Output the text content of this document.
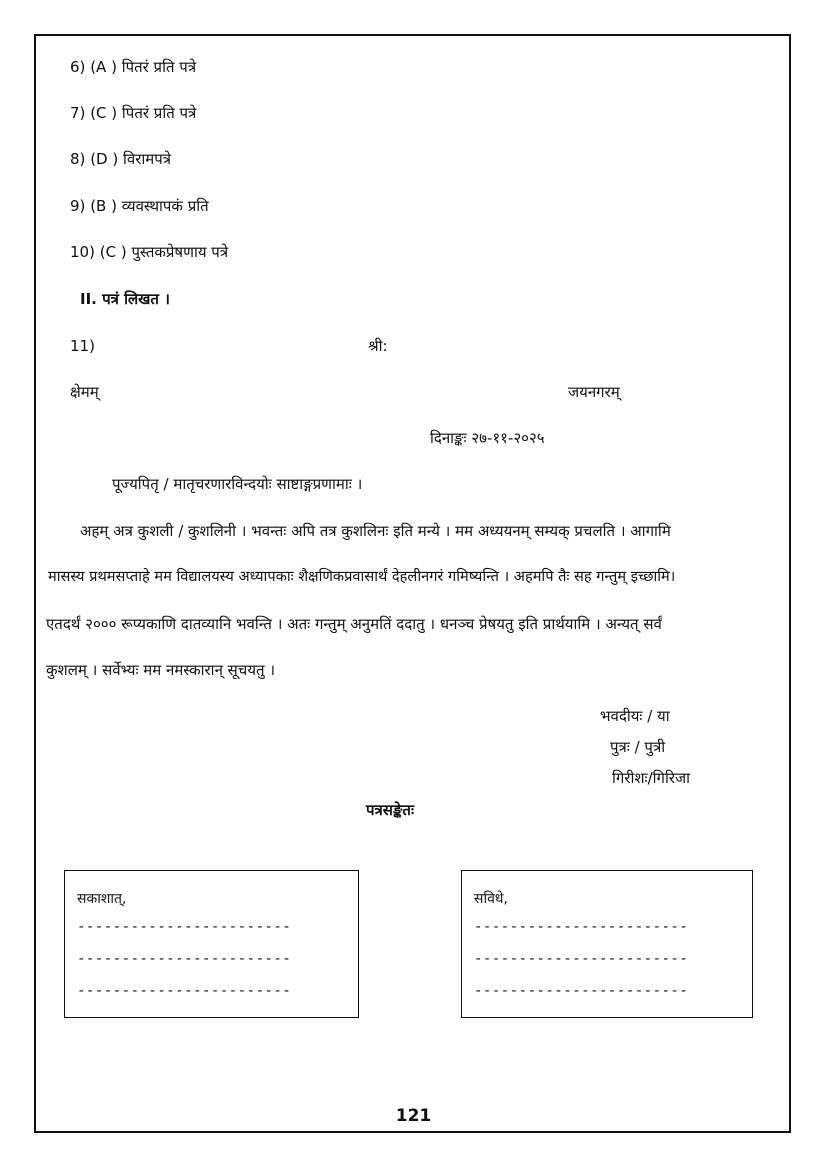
6) (A ) पितरं प्रति पत्रे
7) (C ) पितरं प्रति पत्रे
8) (D ) विरामपत्रे
9) (B ) व्यवस्थापकं प्रति
10) (C ) पुस्तकप्रेषणाय पत्रे
II. पत्रं लिखत ।
11)	श्री:
क्षेमम्	जयनगरम्
दिनाङ्कः २७-११-२०२५
पूज्यपितृ / मातृचरणारविन्दयोः साष्टाङ्गप्रणामाः ।
अहम् अत्र कुशली / कुशलिनी । भवन्तः अपि तत्र कुशलिनः इति मन्ये । मम अध्ययनम् सम्यक् प्रचलति । आगामि
मासस्य प्रथमसप्ताहे मम विद्यालयस्य अध्यापकाः शैक्षणिकप्रवासार्थं देहलीनगरं गमिष्यन्ति । अहमपि तैः सह गन्तुम् इच्छामि।
एतदर्थं २००० रूप्यकाणि दातव्यानि भवन्ति । अतः गन्तुम् अनुमतिं ददातु । धनञ्च प्रेषयतु इति प्रार्थयामि । अन्यत् सर्वं
कुशलम् । सर्वेभ्यः मम नमस्कारान् सूचयतु ।
भवदीयः / या
पुत्रः / पुत्री
गिरीशः/गिरिजा
पत्रसङ्केतः
सकाशात्,
------------------------
------------------------
------------------------
सविधे,
------------------------
------------------------
------------------------
121
